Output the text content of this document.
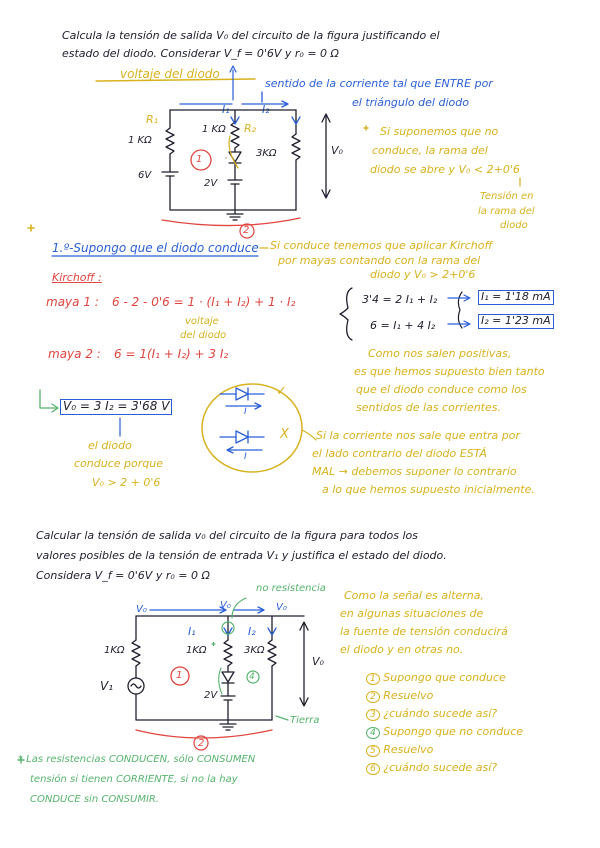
Calcula la tensión de salida V₀ del circuito de la figura justificando el
estado del diodo. Considerar V_f = 0'6V y r₀ = 0 Ω
voltaje del diodo
sentido de la corriente tal que ENTRE por
el triángulo del diodo
R₁
1 KΩ
R₂
1 KΩ
3KΩ
I₁	I₂
6V
2V
V₀
1
2
Si suponemos que no
conduce, la rama del
diodo se abre y V₀ < 2+0'6
Tensión en
la rama del
diodo
1.º-Supongo que el diodo conduce Si conduce tenemos que aplicar Kirchoff
por mayas contando con la rama del
diodo y V₀ > 2+0'6
Kirchoff :
maya 1 : 6 - 2 - 0'6 = 1 · (I₁ + I₂) + 1 · I₂
voltaje
del diodo
maya 2 : 6 = 1(I₁ + I₂) + 3 I₂
3'4 = 2 I₁ + I₂
6 = I₁ + 4 I₂
I₁ = 1'18 mA
I₂ = 1'23 mA
Como nos salen positivas,
es que hemos supuesto bien tanto
que el diodo conduce como los
sentidos de las corrientes.
V₀ = 3 I₂ = 3'68 V
el diodo
conduce porque
V₀ > 2 + 0'6
✓
X
I
I
Si la corriente nos sale que entra por
el lado contrario del diodo ESTÁ
MAL → debemos suponer lo contrario
a lo que hemos supuesto inicialmente.
Calcular la tensión de salida v₀ del circuito de la figura para todos los
valores posibles de la tensión de entrada V₁ y justifica el estado del diodo.
Considera V_f = 0'6V y r₀ = 0 Ω
V₀	V₀	V₀
no resistencia
I₁	I₂
1KΩ	1KΩ	3KΩ
V₁
2V
V₀
1
2
4
Tierra
Como la señal es alterna,
en algunas situaciones de
la fuente de tensión conducirá
el diodo y en otras no.
1 Supongo que conduce
2 Resuelvo
3 ¿cuándo sucede así?
4 Supongo que no conduce
5 Resuelvo
6 ¿cuándo sucede así?
* Las resistencias CONDUCEN, sólo CONSUMEN
tensión si tienen CORRIENTE, si no la hay
CONDUCE sin CONSUMIR.
